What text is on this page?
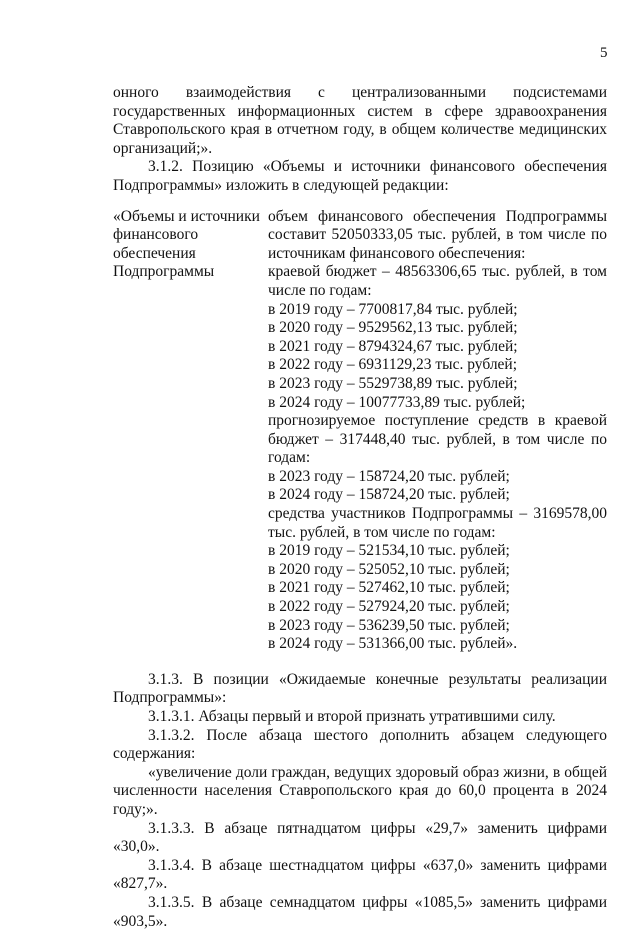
5

онного взаимодействия с централизованными подсистемами государственных информационных систем в сфере здравоохранения Ставропольского края в отчетном году, в общем количестве медицинских организаций;».

3.1.2. Позицию «Объемы и источники финансового обеспечения Подпрограммы» изложить в следующей редакции:

«Объемы и источники финансового обеспечения Подпрограммы

объем финансового обеспечения Подпрограммы составит 52050333,05 тыс. рублей, в том числе по источникам финансового обеспечения:

краевой бюджет – 48563306,65 тыс. рублей, в том числе по годам:

в 2019 году – 7700817,84 тыс. рублей;

в 2020 году – 9529562,13 тыс. рублей;

в 2021 году – 8794324,67 тыс. рублей;

в 2022 году – 6931129,23 тыс. рублей;

в 2023 году – 5529738,89 тыс. рублей;

в 2024 году – 10077733,89 тыс. рублей;

прогнозируемое поступление средств в краевой бюджет – 317448,40 тыс. рублей, в том числе по годам:

в 2023 году – 158724,20 тыс. рублей;

в 2024 году – 158724,20 тыс. рублей;

средства участников Подпрограммы – 3169578,00 тыс. рублей, в том числе по годам:

в 2019 году – 521534,10 тыс. рублей;

в 2020 году – 525052,10 тыс. рублей;

в 2021 году – 527462,10 тыс. рублей;

в 2022 году – 527924,20 тыс. рублей;

в 2023 году – 536239,50 тыс. рублей;

в 2024 году – 531366,00 тыс. рублей».

3.1.3. В позиции «Ожидаемые конечные результаты реализации Подпрограммы»:

3.1.3.1. Абзацы первый и второй признать утратившими силу.

3.1.3.2. После абзаца шестого дополнить абзацем следующего содержания:

«увеличение доли граждан, ведущих здоровый образ жизни, в общей численности населения Ставропольского края до 60,0 процента в 2024 году;».

3.1.3.3. В абзаце пятнадцатом цифры «29,7» заменить цифрами «30,0».

3.1.3.4. В абзаце шестнадцатом цифры «637,0» заменить цифрами «827,7».

3.1.3.5. В абзаце семнадцатом цифры «1085,5» заменить цифрами «903,5».
